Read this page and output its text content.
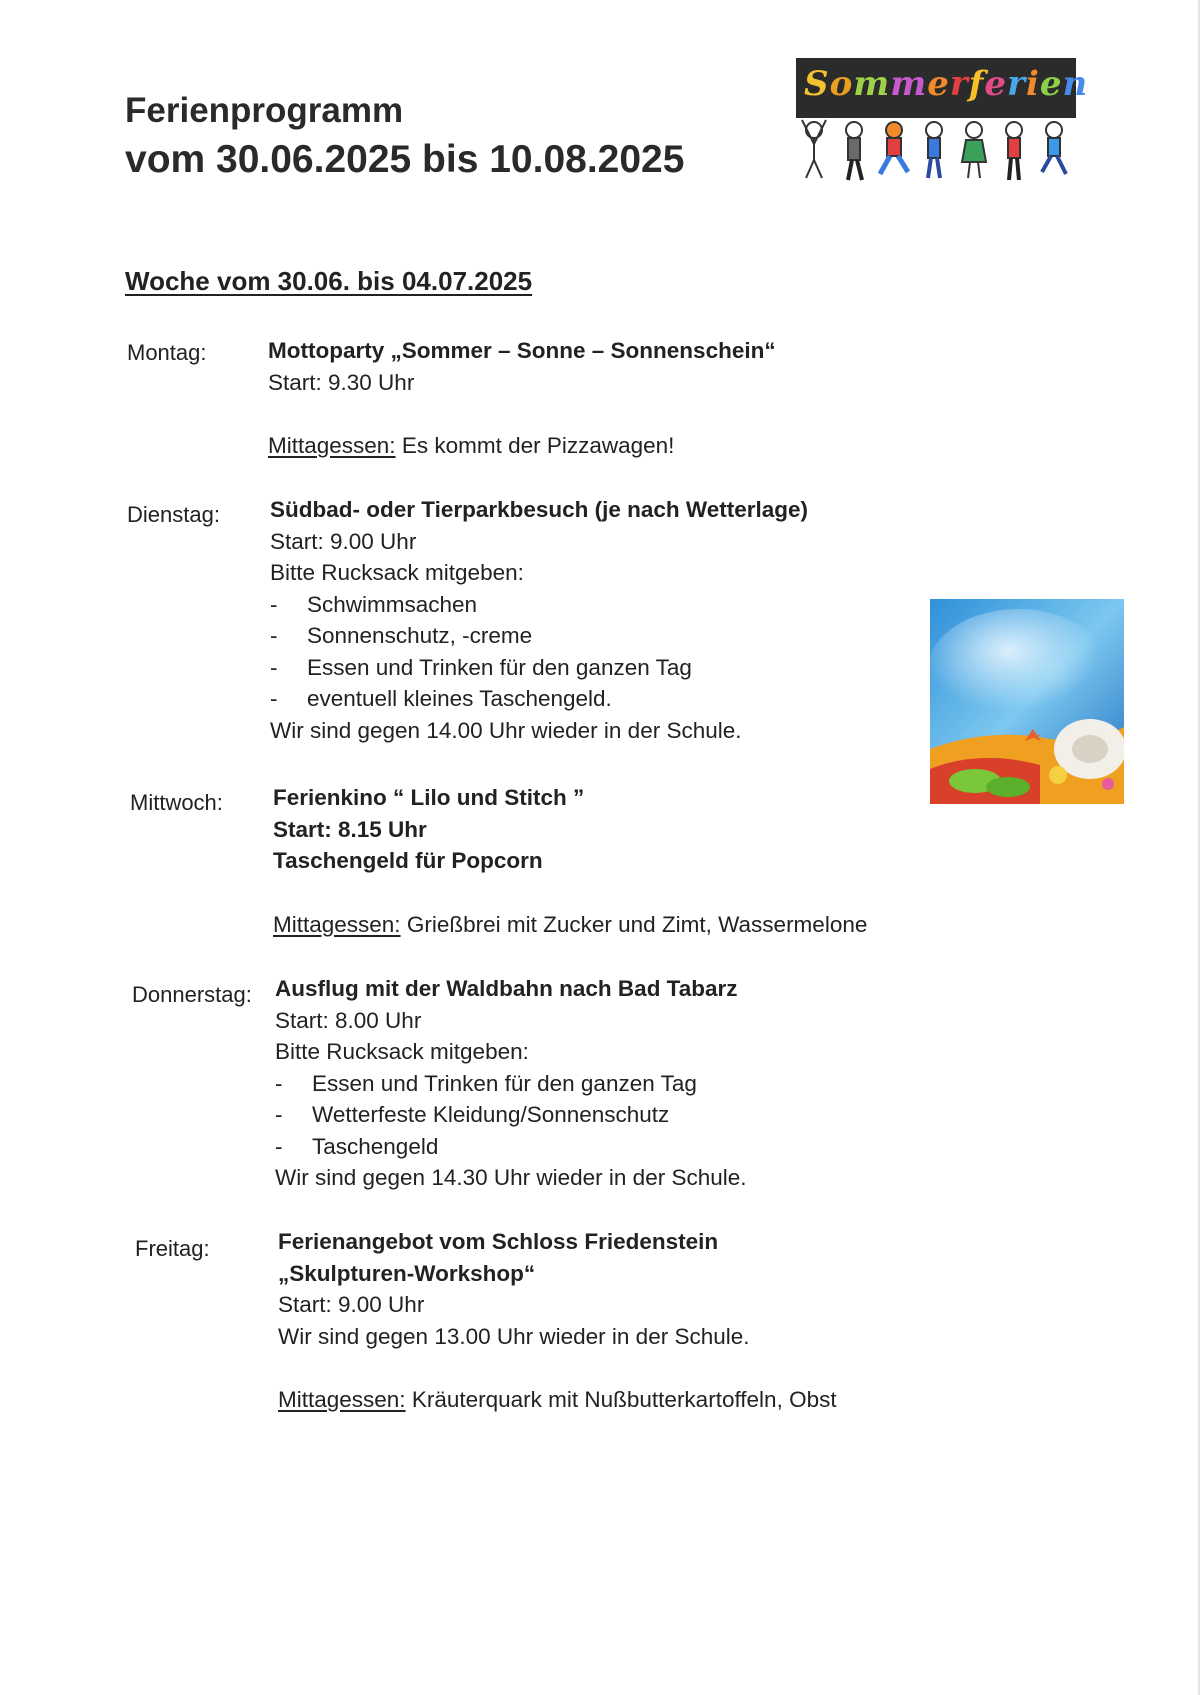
Ferienprogramm
vom 30.06.2025 bis 10.08.2025
Sommerferien
Woche vom 30.06. bis 04.07.2025
Montag:	Mottoparty „Sommer – Sonne – Sonnenschein“
Start: 9.30 Uhr
Mittagessen: Es kommt der Pizzawagen!
Dienstag: Südbad- oder Tierparkbesuch (je nach Wetterlage)
Start: 9.00 Uhr
Bitte Rucksack mitgeben:
- Schwimmsachen
- Sonnenschutz, -creme
- Essen und Trinken für den ganzen Tag
- eventuell kleines Taschengeld.
Wir sind gegen 14.00 Uhr wieder in der Schule.
Mittwoch: Ferienkino “ Lilo und Stitch ”
Start: 8.15 Uhr
Taschengeld für Popcorn
Mittagessen: Grießbrei mit Zucker und Zimt, Wassermelone
Donnerstag: Ausflug mit der Waldbahn nach Bad Tabarz
Start: 8.00 Uhr
Bitte Rucksack mitgeben:
- Essen und Trinken für den ganzen Tag
- Wetterfeste Kleidung/Sonnenschutz
- Taschengeld
Wir sind gegen 14.30 Uhr wieder in der Schule.
Freitag:	Ferienangebot vom Schloss Friedenstein
„Skulpturen-Workshop“
Start: 9.00 Uhr
Wir sind gegen 13.00 Uhr wieder in der Schule.
Mittagessen: Kräuterquark mit Nußbutterkartoffeln, Obst
